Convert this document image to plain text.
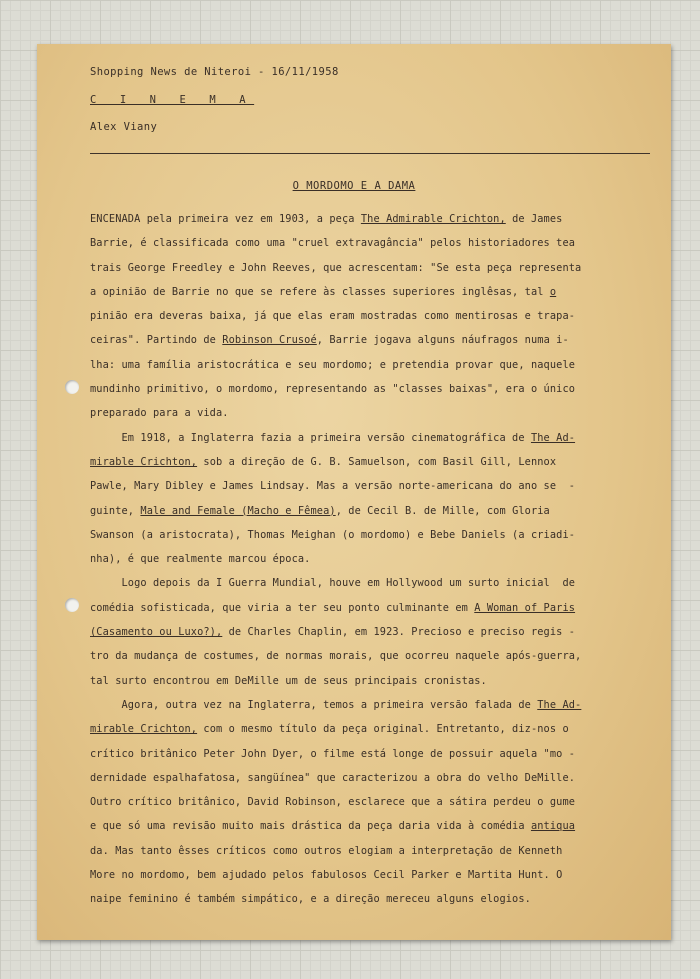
Shopping News de Niteroi - 16/11/1958
C I N E M A
Alex Viany
O MORDOMO E A DAMA
ENCENADA pela primeira vez em 1903, a peça The Admirable Crichton, de James
Barrie, é classificada como uma "cruel extravagância" pelos historiadores tea
trais George Freedley e John Reeves, que acrescentam: "Se esta peça representa
a opinião de Barrie no que se refere às classes superiores inglêsas, tal o
pinião era deveras baixa, já que elas eram mostradas como mentirosas e trapa-
ceiras". Partindo de Robinson Crusoé, Barrie jogava alguns náufragos numa i-
lha: uma família aristocrática e seu mordomo; e pretendia provar que, naquele
mundinho primitivo, o mordomo, representando as "classes baixas", era o único
preparado para a vida.
Em 1918, a Inglaterra fazia a primeira versão cinematográfica de The Ad-
mirable Crichton, sob a direção de G. B. Samuelson, com Basil Gill, Lennox
Pawle, Mary Dibley e James Lindsay. Mas a versão norte-americana do ano se  -
guinte, Male and Female (Macho e Fêmea), de Cecil B. de Mille, com Gloria
Swanson (a aristocrata), Thomas Meighan (o mordomo) e Bebe Daniels (a criadi-
nha), é que realmente marcou época.
Logo depois da I Guerra Mundial, houve em Hollywood um surto inicial  de
comédia sofisticada, que viria a ter seu ponto culminante em A Woman of Paris
(Casamento ou Luxo?), de Charles Chaplin, em 1923. Precioso e preciso regis -
tro da mudança de costumes, de normas morais, que ocorreu naquele após-guerra,
tal surto encontrou em DeMille um de seus principais cronistas.
Agora, outra vez na Inglaterra, temos a primeira versão falada de The Ad-
mirable Crichton, com o mesmo título da peça original. Entretanto, diz-nos o
crítico britânico Peter John Dyer, o filme está longe de possuir aquela "mo -
dernidade espalhafatosa, sangüínea" que caracterizou a obra do velho DeMille.
Outro crítico britânico, David Robinson, esclarece que a sátira perdeu o gume
e que só uma revisão muito mais drástica da peça daria vida à comédia antiqua
da. Mas tanto êsses críticos como outros elogiam a interpretação de Kenneth
More no mordomo, bem ajudado pelos fabulosos Cecil Parker e Martita Hunt. O
naipe feminino é também simpático, e a direção mereceu alguns elogios.
